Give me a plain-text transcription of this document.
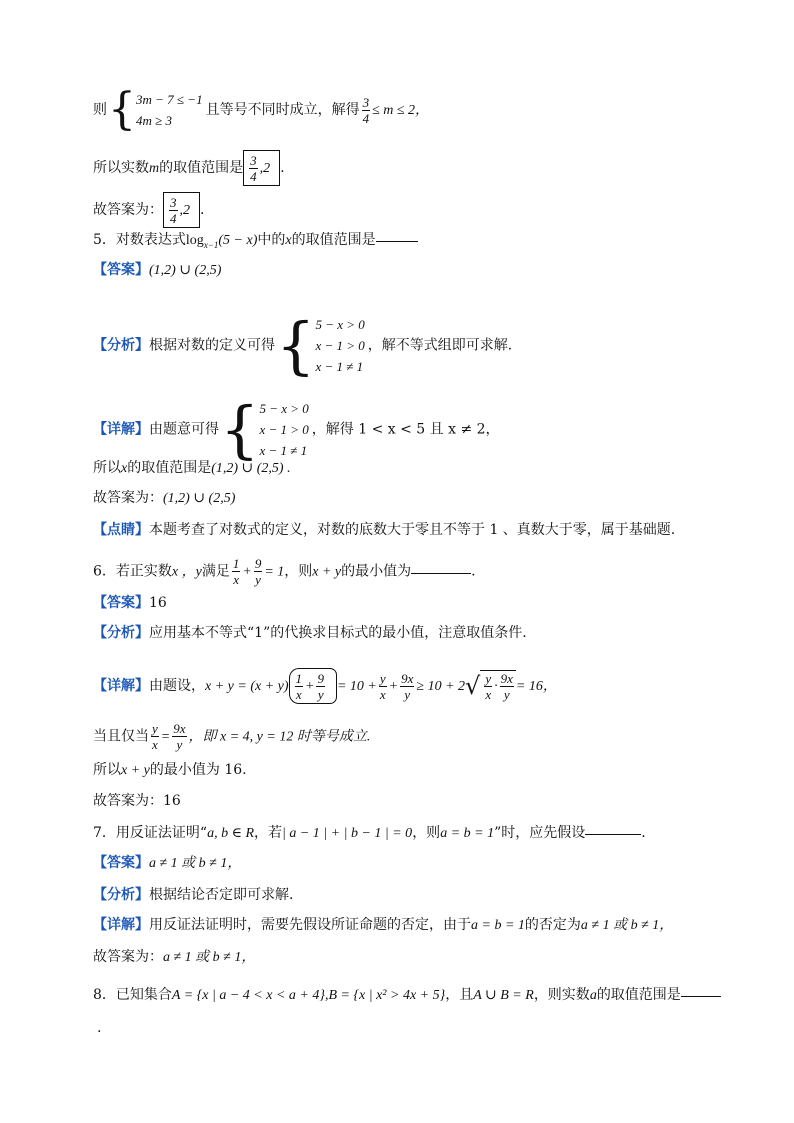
则 { 3m − 7 ≤ −1
4m ≥ 3
且等号不同时成立，解得 $\frac{3}{4} \le m \le 2$，
所以实数m的取值范围是 $\frac{3}{4} ,2$ .
故答案为： $\frac{3}{4} ,2$ .
5．对数表达式$\log_{x-1}(5 - x)$中的x的取值范围是
【答案】(1,2) ∪ (2,5)
【分析】根据对数的定义可得 { 5 − x > 0
x − 1 > 0
x − 1 ≠ 1
，解不等式组即可求解.
【详解】由题意可得 { 5 − x > 0
x − 1 > 0
x − 1 ≠ 1
，解得 1 < x < 5 且 x ≠ 2，
所以x的取值范围是(1,2) ∪ (2,5) .
故答案为：(1,2) ∪ (2,5)
【点睛】本题考查了对数式的定义，对数的底数大于零且不等于 1 、真数大于零，属于基础题.
6．若正实数x ，y满足 $\frac{1}{x} + \frac{9}{y} = 1$，则x + y的最小值为	.
【答案】16
【分析】应用基本不等式“1”的代换求目标式的最小值，注意取值条件.
【详解】由题设，$x + y = (x + y) \frac{1}{x} + \frac{9}{y} = 10 + \frac{y}{x} + \frac{9x}{y} \ge 10 + 2$ √ $\frac{y}{x} \cdot \frac{9x}{y} = 16$，
当且仅当 $\frac{y}{x} = \frac{9x}{y}$ ，即 x = 4, y = 12 时等号成立.
所以x + y的最小值为 16.
故答案为：16
7．用反证法证明“a, b ∈ R，若| a − 1 | + | b − 1 | = 0，则a = b = 1”时，应先假设	.
【答案】a ≠ 1 或 b ≠ 1，
【分析】根据结论否定即可求解.
【详解】用反证法证明时，需要先假设所证命题的否定，由于a = b = 1的否定为a ≠ 1 或 b ≠ 1，
故答案为：a ≠ 1 或 b ≠ 1，
8．已知集合A = {x | a − 4 < x < a + 4},B = {x | x² > 4x + 5}，且A ∪ B = R，则实数a的取值范围是
.
